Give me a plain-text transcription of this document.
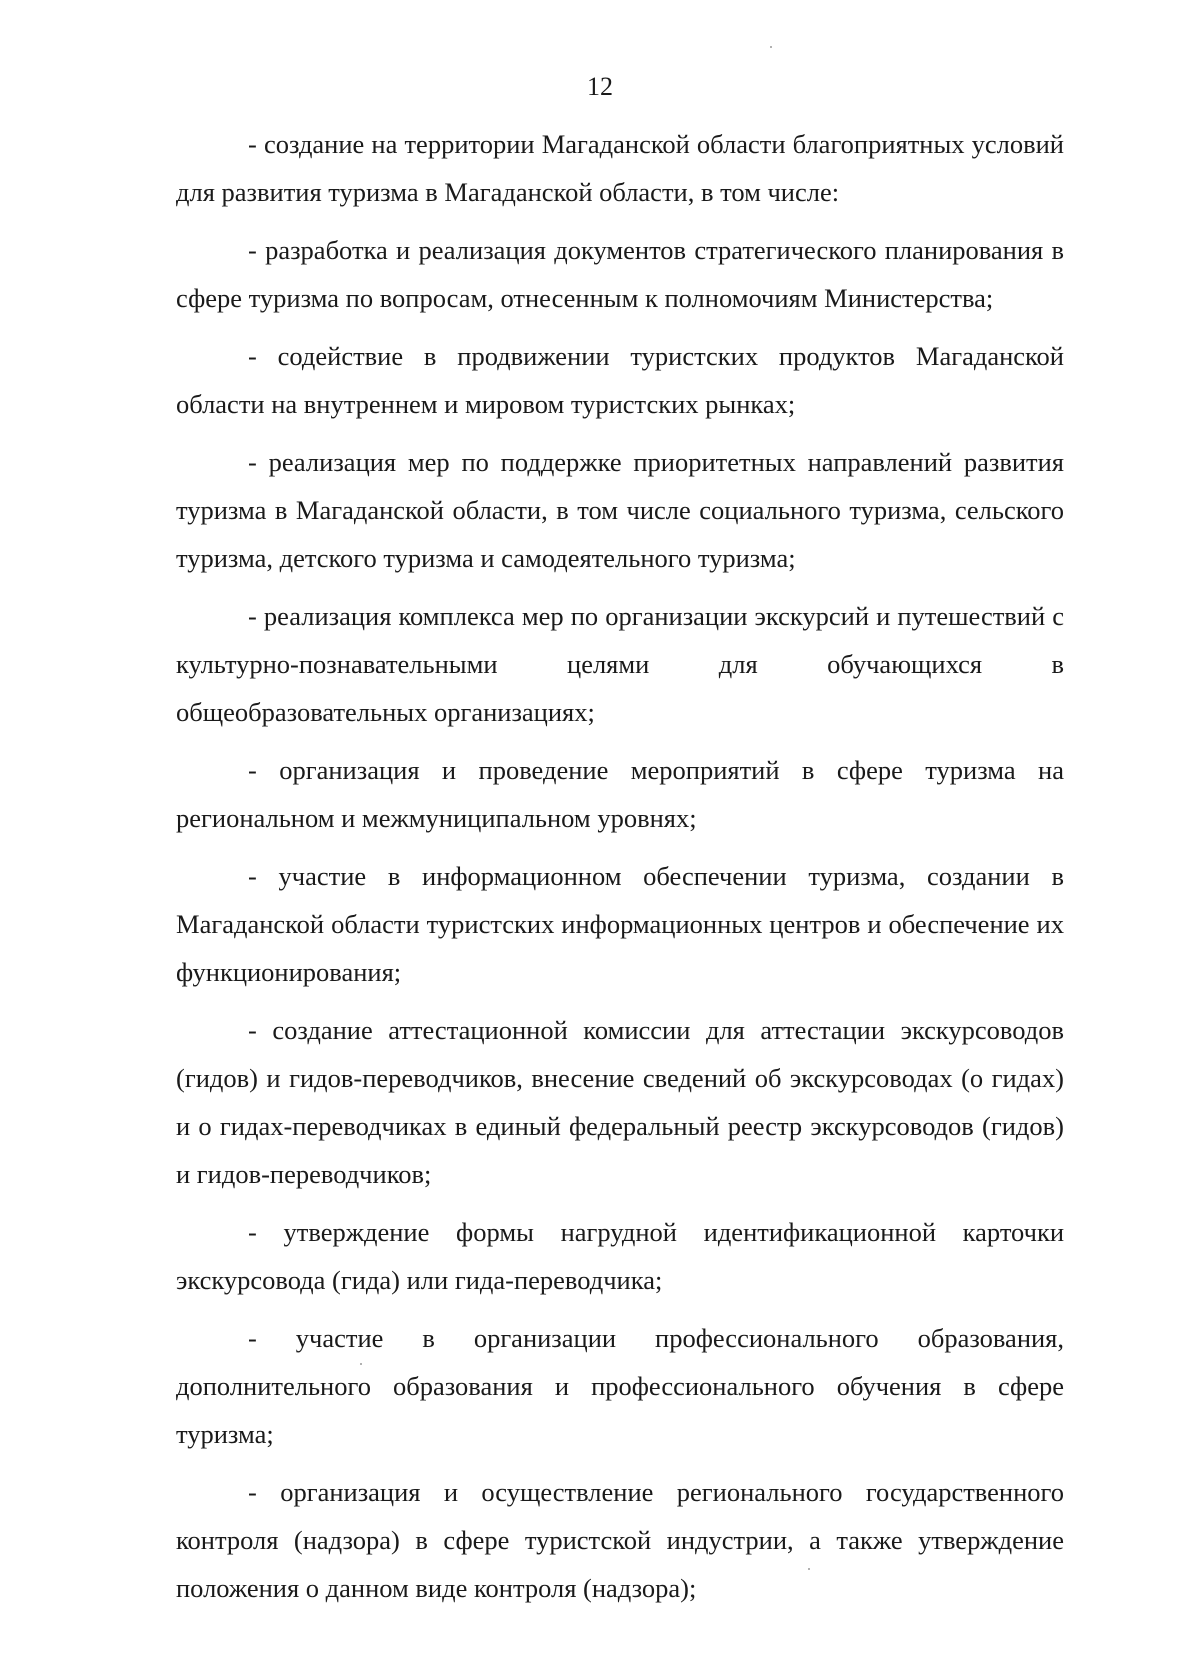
12

- создание на территории Магаданской области благоприятных условий для развития туризма в Магаданской области, в том числе:

- разработка и реализация документов стратегического планирования в сфере туризма по вопросам, отнесенным к полномочиям Министерства;

- содействие в продвижении туристских продуктов Магаданской области на внутреннем и мировом туристских рынках;

- реализация мер по поддержке приоритетных направлений развития туризма в Магаданской области, в том числе социального туризма, сельского туризма, детского туризма и самодеятельного туризма;

- реализация комплекса мер по организации экскурсий и путешествий с культурно-познавательными целями для обучающихся в общеобразовательных организациях;

- организация и проведение мероприятий в сфере туризма на региональном и межмуниципальном уровнях;

- участие в информационном обеспечении туризма, создании в Магаданской области туристских информационных центров и обеспечение их функционирования;

- создание аттестационной комиссии для аттестации экскурсоводов (гидов) и гидов-переводчиков, внесение сведений об экскурсоводах (о гидах) и о гидах-переводчиках в единый федеральный реестр экскурсоводов (гидов) и гидов-переводчиков;

- утверждение формы нагрудной идентификационной карточки экскурсовода (гида) или гида-переводчика;

- участие в организации профессионального образования, дополнительного образования и профессионального обучения в сфере туризма;

- организация и осуществление регионального государственного контроля (надзора) в сфере туристской индустрии, а также утверждение положения о данном виде контроля (надзора);
